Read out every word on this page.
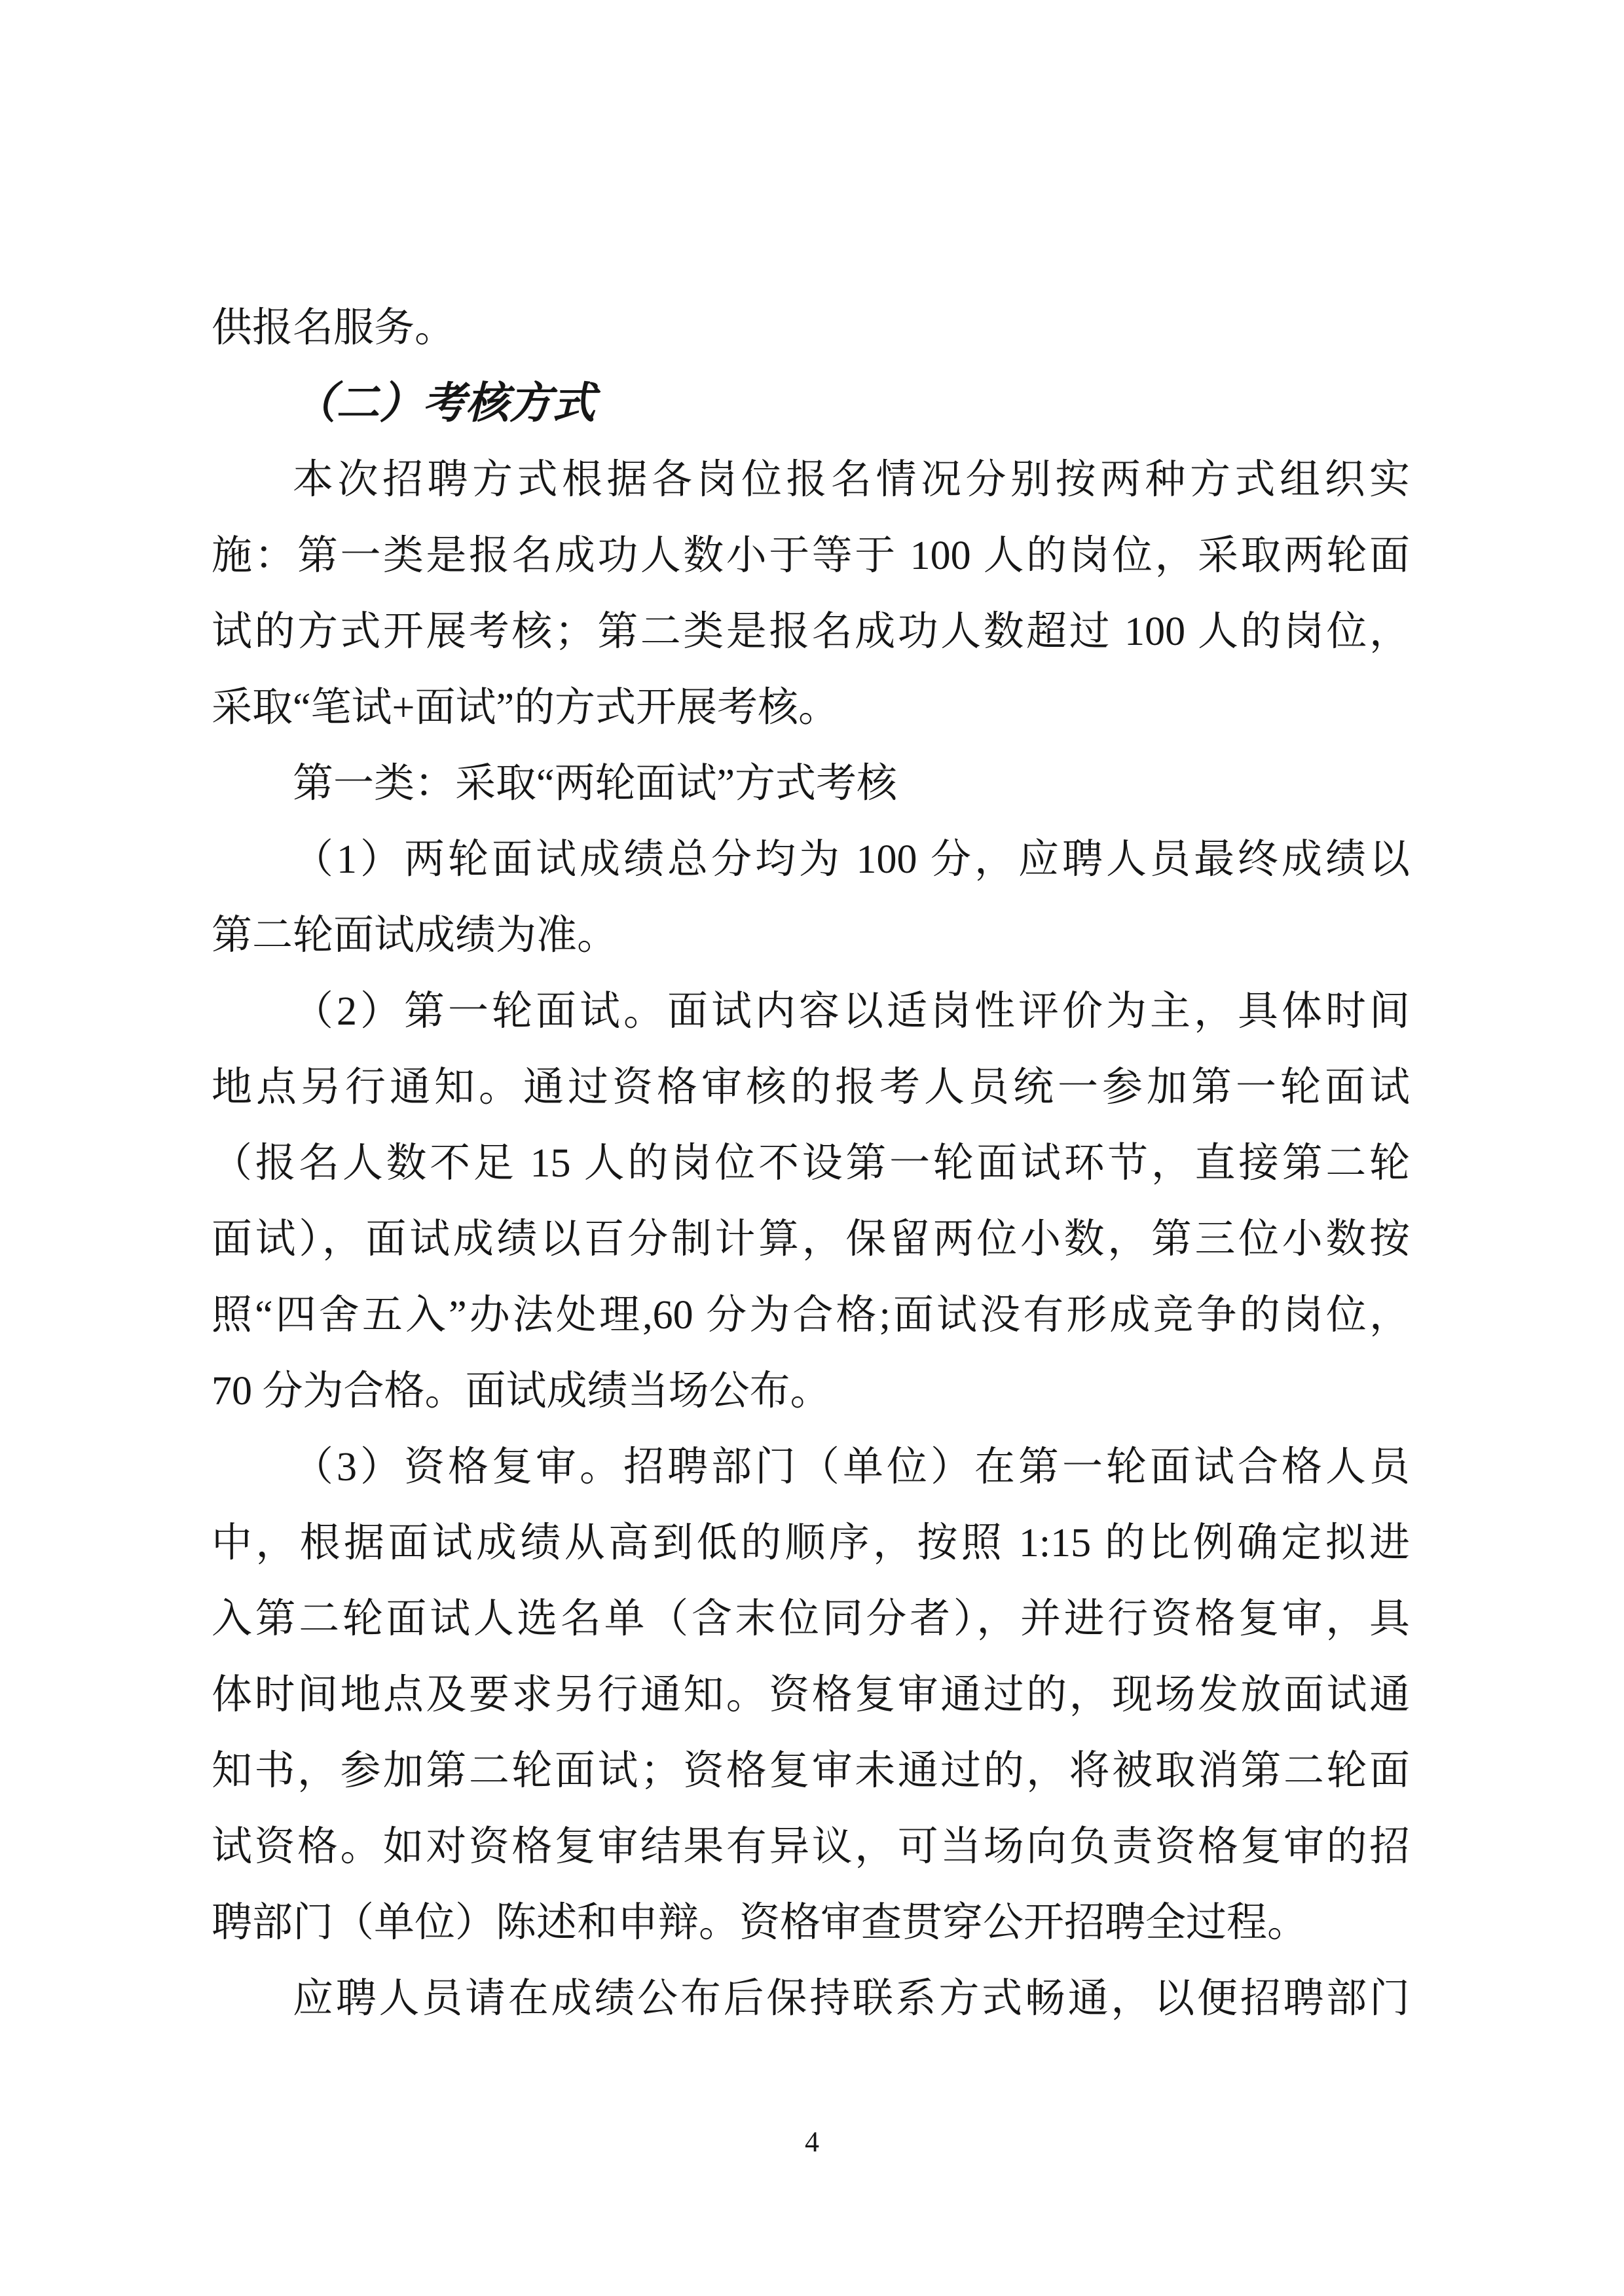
供报名服务。
（二）考核方式
本次招聘方式根据各岗位报名情况分别按两种方式组织实
施：第一类是报名成功人数小于等于 100 人的岗位，采取两轮面
试的方式开展考核；第二类是报名成功人数超过 100 人的岗位，
采取“笔试+面试”的方式开展考核。
第一类：采取“两轮面试”方式考核
（1）两轮面试成绩总分均为 100 分，应聘人员最终成绩以
第二轮面试成绩为准。
（2）第一轮面试。面试内容以适岗性评价为主，具体时间
地点另行通知。通过资格审核的报考人员统一参加第一轮面试
（报名人数不足 15 人的岗位不设第一轮面试环节，直接第二轮
面试），面试成绩以百分制计算，保留两位小数，第三位小数按
照“四舍五入”办法处理,60 分为合格;面试没有形成竞争的岗位，
70 分为合格。面试成绩当场公布。
（3）资格复审。招聘部门（单位）在第一轮面试合格人员
中，根据面试成绩从高到低的顺序，按照 1:15 的比例确定拟进
入第二轮面试人选名单（含末位同分者），并进行资格复审，具
体时间地点及要求另行通知。资格复审通过的，现场发放面试通
知书，参加第二轮面试；资格复审未通过的，将被取消第二轮面
试资格。如对资格复审结果有异议，可当场向负责资格复审的招
聘部门（单位）陈述和申辩。资格审查贯穿公开招聘全过程。
应聘人员请在成绩公布后保持联系方式畅通，以便招聘部门
4
